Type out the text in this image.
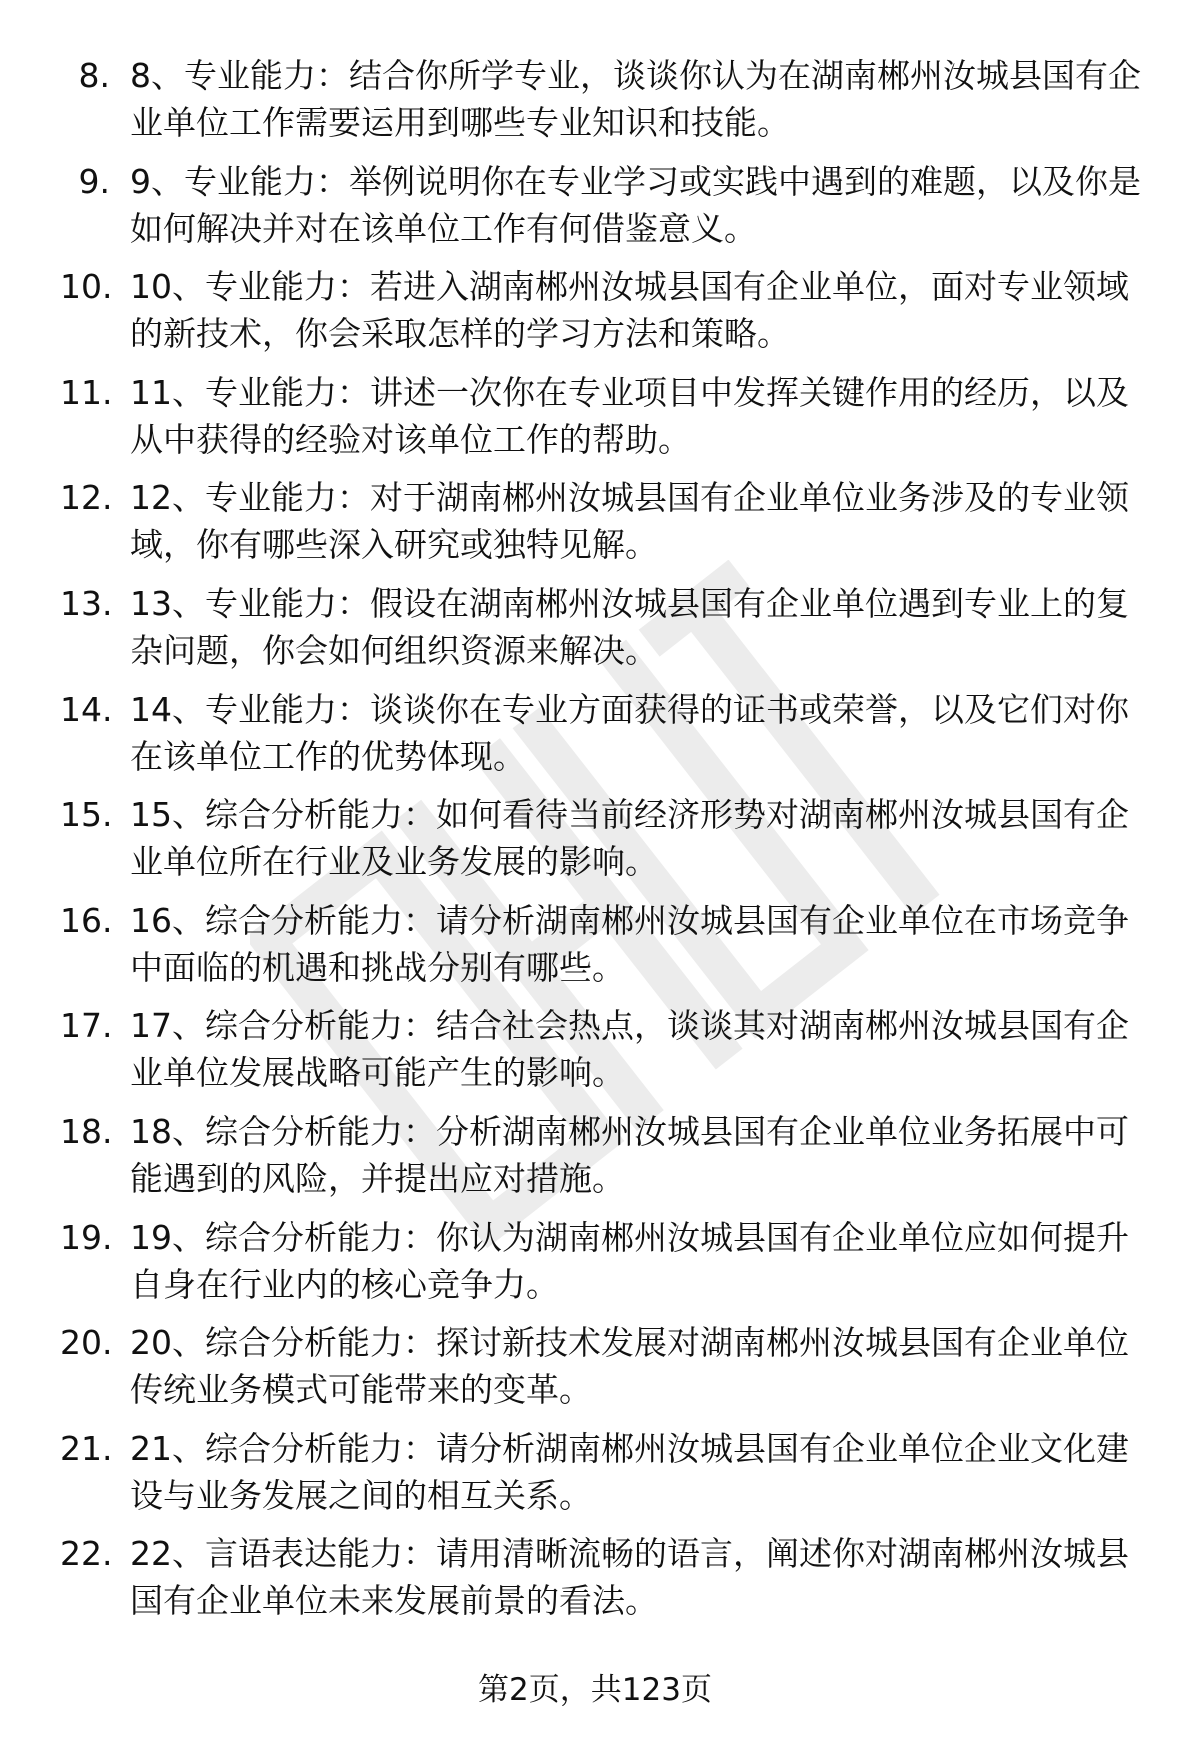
8. 8、专业能力：结合你所学专业，谈谈你认为在湖南郴州汝城县国有企业单位工作需要运用到哪些专业知识和技能。
9. 9、专业能力：举例说明你在专业学习或实践中遇到的难题，以及你是如何解决并对在该单位工作有何借鉴意义。
10. 10、专业能力：若进入湖南郴州汝城县国有企业单位，面对专业领域的新技术，你会采取怎样的学习方法和策略。
11. 11、专业能力：讲述一次你在专业项目中发挥关键作用的经历，以及从中获得的经验对该单位工作的帮助。
12. 12、专业能力：对于湖南郴州汝城县国有企业单位业务涉及的专业领域，你有哪些深入研究或独特见解。
13. 13、专业能力：假设在湖南郴州汝城县国有企业单位遇到专业上的复杂问题，你会如何组织资源来解决。
14. 14、专业能力：谈谈你在专业方面获得的证书或荣誉，以及它们对你在该单位工作的优势体现。
15. 15、综合分析能力：如何看待当前经济形势对湖南郴州汝城县国有企业单位所在行业及业务发展的影响。
16. 16、综合分析能力：请分析湖南郴州汝城县国有企业单位在市场竞争中面临的机遇和挑战分别有哪些。
17. 17、综合分析能力：结合社会热点，谈谈其对湖南郴州汝城县国有企业单位发展战略可能产生的影响。
18. 18、综合分析能力：分析湖南郴州汝城县国有企业单位业务拓展中可能遇到的风险，并提出应对措施。
19. 19、综合分析能力：你认为湖南郴州汝城县国有企业单位应如何提升自身在行业内的核心竞争力。
20. 20、综合分析能力：探讨新技术发展对湖南郴州汝城县国有企业单位传统业务模式可能带来的变革。
21. 21、综合分析能力：请分析湖南郴州汝城县国有企业单位企业文化建设与业务发展之间的相互关系。
22. 22、言语表达能力：请用清晰流畅的语言，阐述你对湖南郴州汝城县国有企业单位未来发展前景的看法。
第2页，共123页
